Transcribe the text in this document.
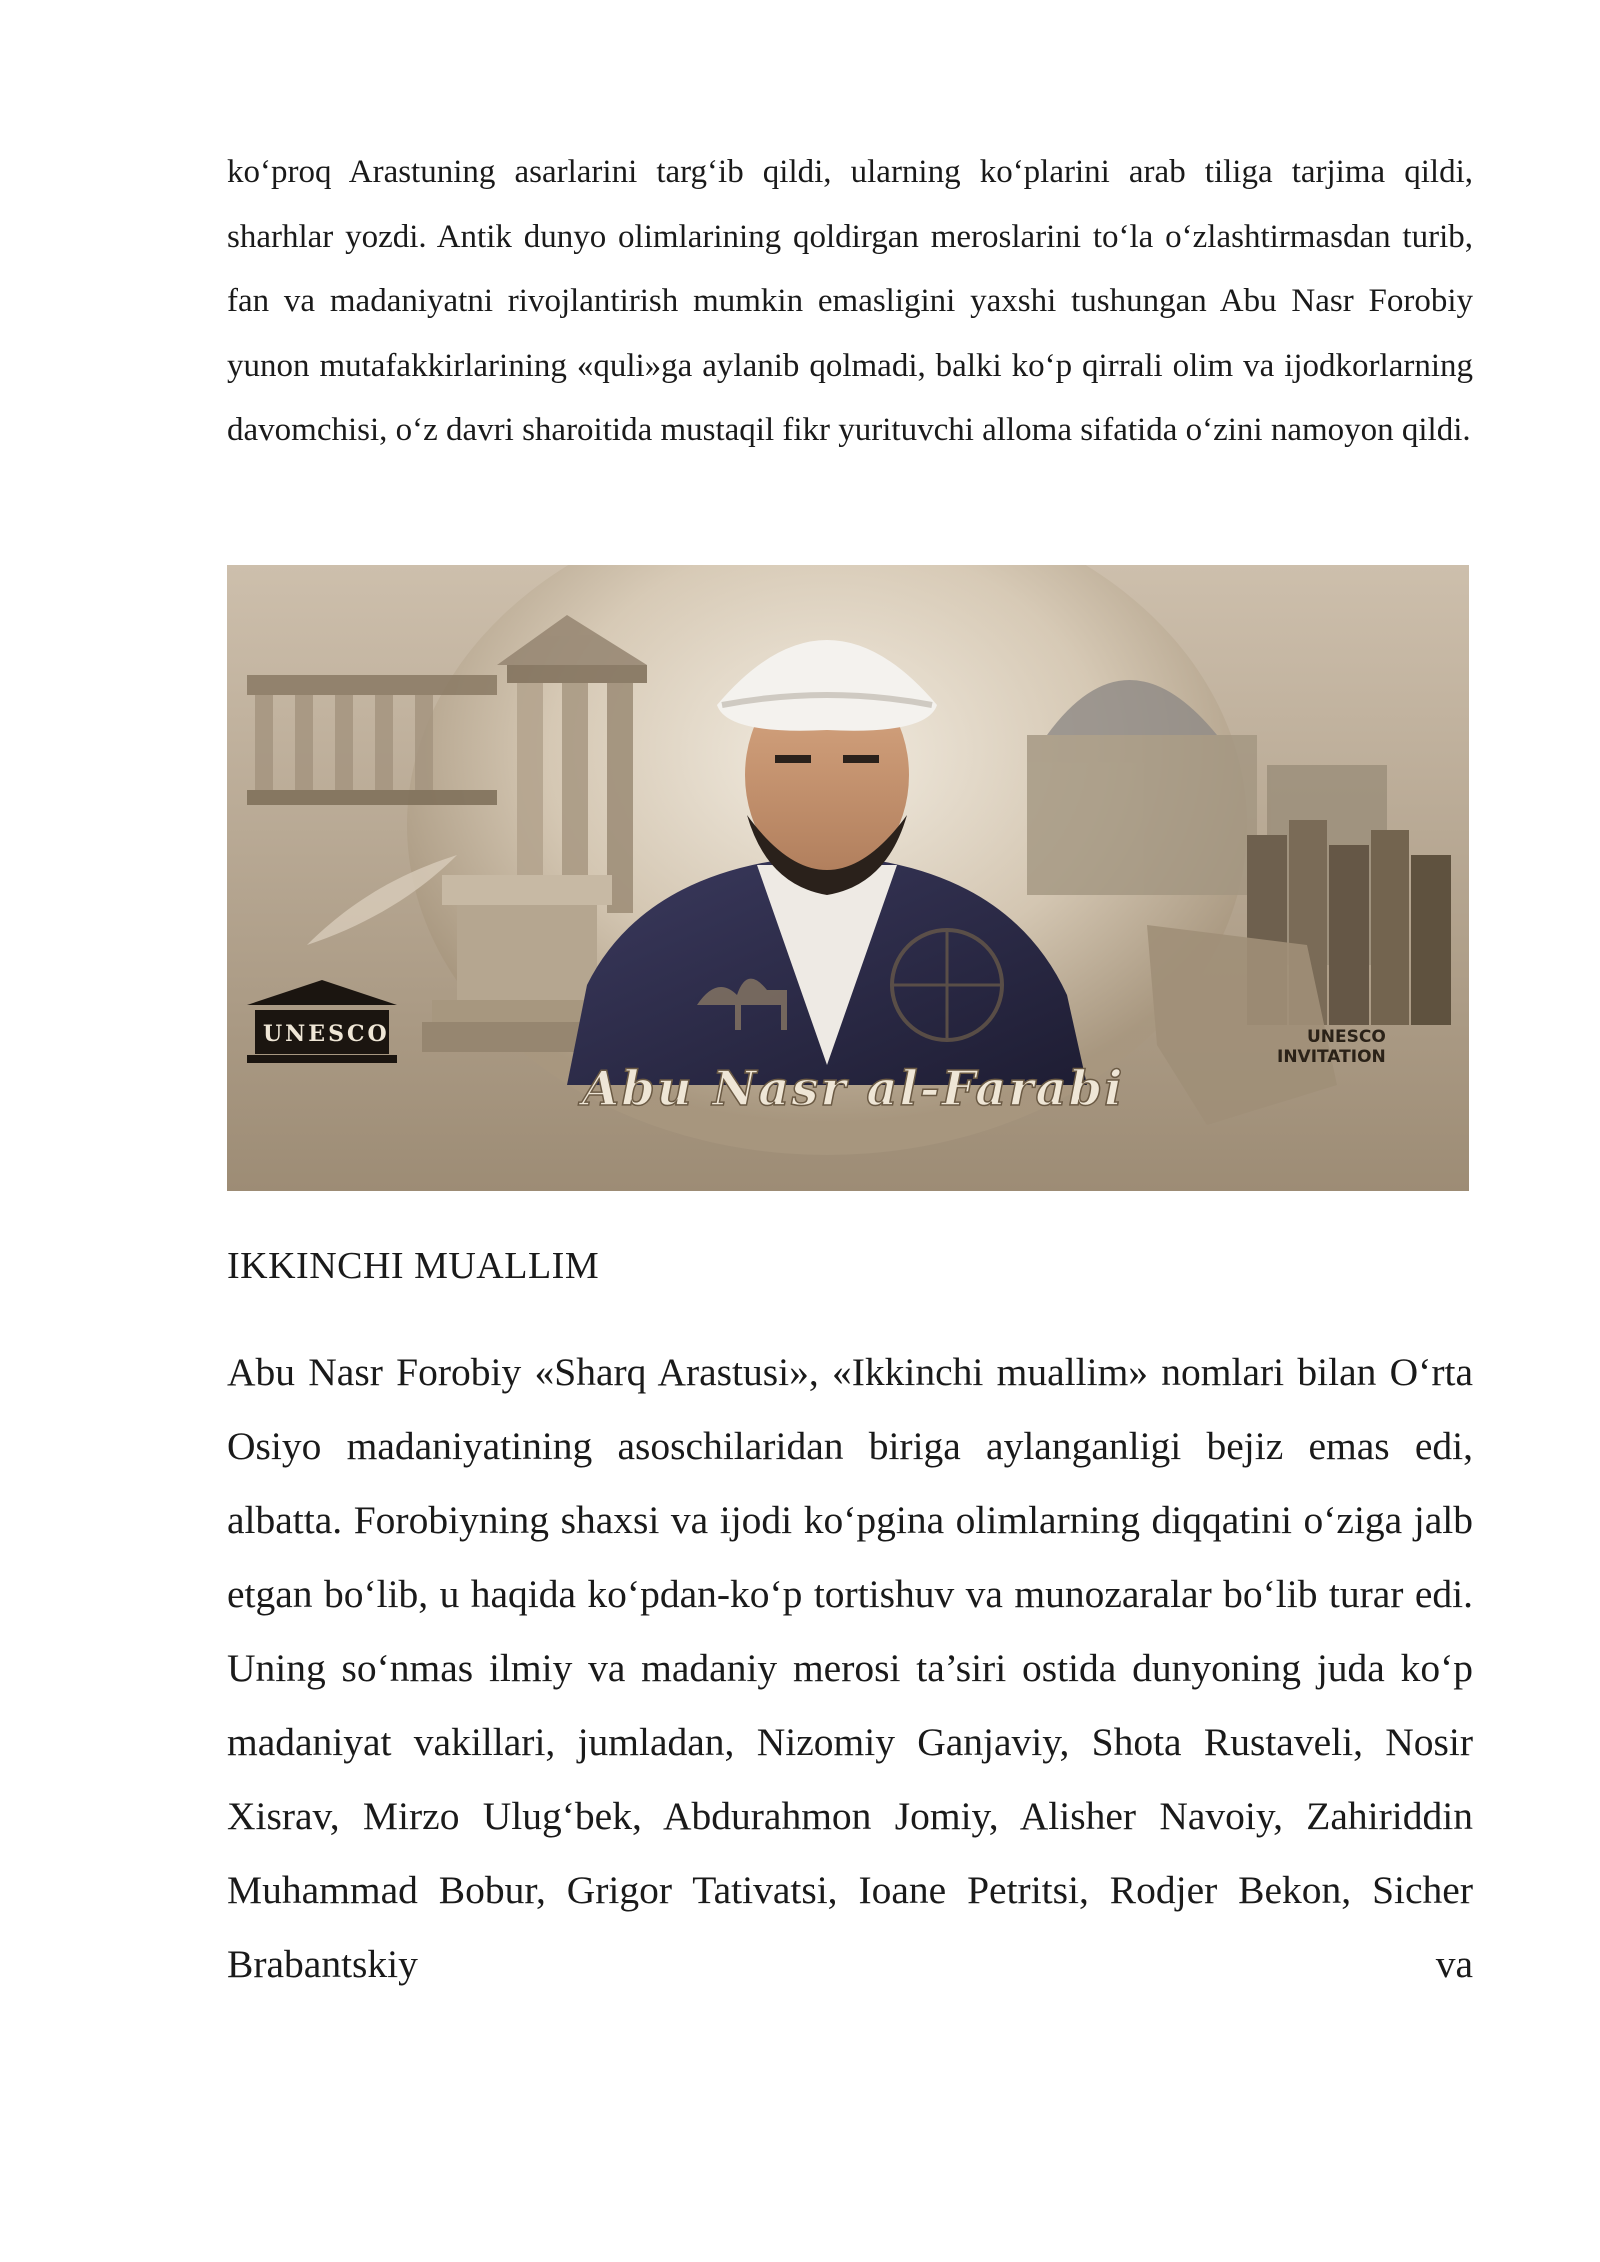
ko‘proq Arastuning asarlarini targ‘ib qildi, ularning ko‘plarini arab tiliga tarjima qildi, sharhlar yozdi. Antik dunyo olimlarining qoldirgan meroslarini to‘la o‘zlashtirmasdan turib, fan va madaniyatni rivojlantirish mumkin emasligini yaxshi tushungan Abu Nasr Forobiy yunon mutafakkirlarining «quli»ga aylanib qolmadi, balki ko‘p qirrali olim va ijodkorlarning davomchisi, o‘z davri sharoitida mustaqil fikr yurituvchi alloma sifatida o‘zini namoyon qildi.

UNESCO	UNESCO
INVITATION
Abu Nasr al-Farabi
IKKINCHI MUALLIM

Abu Nasr Forobiy «Sharq Arastusi», «Ikkinchi muallim» nomlari bilan O‘rta Osiyo madaniyatining asoschilaridan biriga aylanganligi bejiz emas edi, albatta. Forobiyning shaxsi va ijodi ko‘pgina olimlarning diqqatini o‘ziga jalb etgan bo‘lib, u haqida ko‘pdan-ko‘p tortishuv va munozaralar bo‘lib turar edi. Uning so‘nmas ilmiy va madaniy merosi ta’siri ostida dunyoning juda ko‘p madaniyat vakillari, jumladan, Nizomiy Ganjaviy, Shota Rustaveli, Nosir Xisrav, Mirzo Ulug‘bek, Abdurahmon Jomiy, Alisher Navoiy, Zahiriddin Muhammad Bobur, Grigor Tativatsi, Ioane Petritsi, Rodjer Bekon, Sicher Brabantskiy va
